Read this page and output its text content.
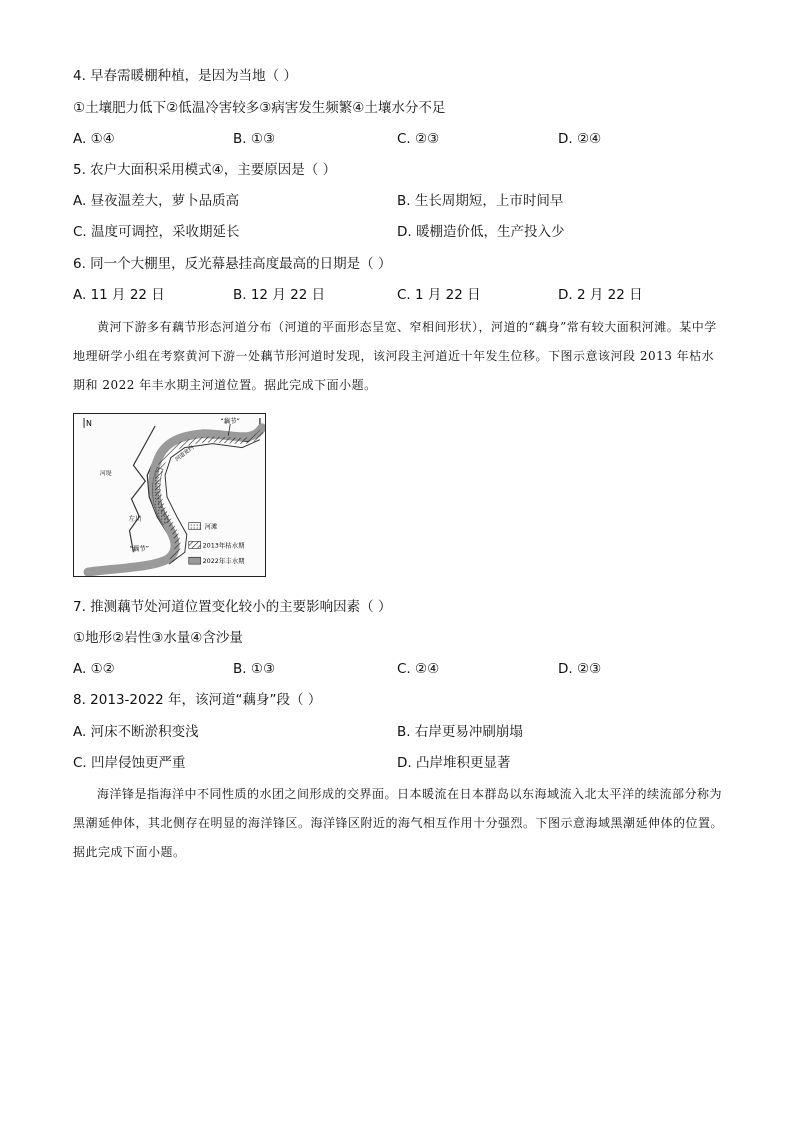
4. 早春需暖棚种植，是因为当地（ ）
①土壤肥力低下②低温冷害较多③病害发生频繁④土壤水分不足
A. ①④	B. ①③	C. ②③	D. ②④
5. 农户大面积采用模式④，主要原因是（ ）
A. 昼夜温差大，萝卜品质高	B. 生长周期短，上市时间早
C. 温度可调控，采收期延长	D. 暖棚造价低，生产投入少
6. 同一个大棚里，反光幕悬挂高度最高的日期是（ ）
A. 11 月 22 日	B. 12 月 22 日	C. 1 月 22 日	D. 2 月 22 日
黄河下游多有藕节形态河道分布（河道的平面形态呈宽、窄相间形状），河道的“藕身”常有较大面积河滩。某中学地理研学小组在考察黄河下游一处藕节形河道时发现，该河段主河道近十年发生位移。下图示意该河段 2013 年枯水期和 2022 年丰水期主河道位置。据此完成下面小题。
N	“藕节”
河堤
左川
“藕节”
河道宽约
河滩
2013年枯水期
2022年丰水期
7. 推测藕节处河道位置变化较小的主要影响因素（ ）
①地形②岩性③水量④含沙量
A. ①②	B. ①③	C. ②④	D. ②③
8. 2013-2022 年，该河道“藕身”段（ ）
A. 河床不断淤积变浅	B. 右岸更易冲刷崩塌
C. 凹岸侵蚀更严重	D. 凸岸堆积更显著
海洋锋是指海洋中不同性质的水团之间形成的交界面。日本暖流在日本群岛以东海域流入北太平洋的续流部分称为黑潮延伸体，其北侧存在明显的海洋锋区。海洋锋区附近的海气相互作用十分强烈。下图示意海域黑潮延伸体的位置。据此完成下面小题。
